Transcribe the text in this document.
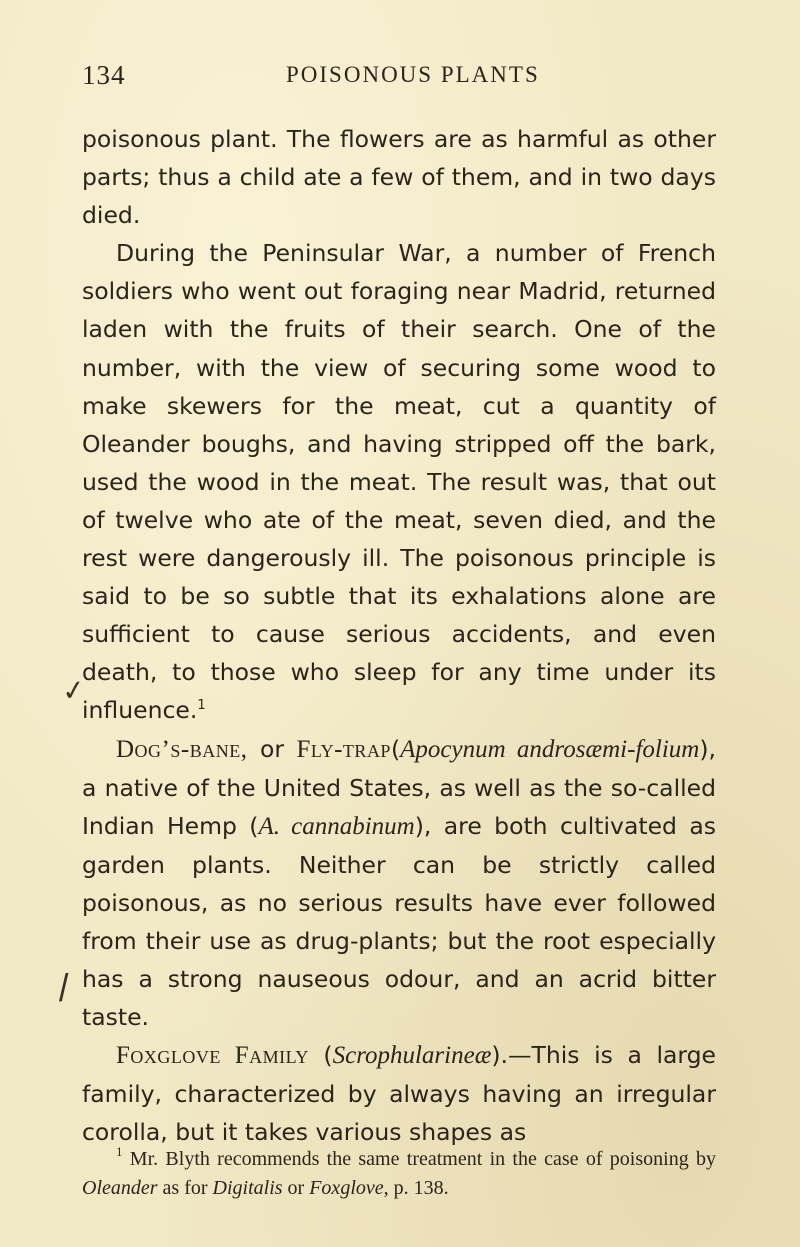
134	POISONOUS PLANTS

poisonous plant. The flowers are as harmful as other parts; thus a child ate a few of them, and in two days died.

During the Peninsular War, a number of French soldiers who went out foraging near Madrid, returned laden with the fruits of their search. One of the number, with the view of securing some wood to make skewers for the meat, cut a quantity of Oleander boughs, and having stripped off the bark, used the wood in the meat. The result was, that out of twelve who ate of the meat, seven died, and the rest were dangerously ill. The poisonous principle is said to be so subtle that its exhalations alone are sufficient to cause serious accidents, and even death, to those who sleep for any time under its influence.$^1$

Dog’s-bane, or Fly-trap(Apocynum androsæmi-folium), a native of the United States, as well as the so-called Indian Hemp (A. cannabinum), are both cultivated as garden plants. Neither can be strictly called poisonous, as no serious results have ever followed from their use as drug-plants; but the root especially has a strong nauseous odour, and an acrid bitter taste.

Foxglove Family (Scrophularineæ).—This is a large family, characterized by always having an irregular corolla, but it takes various shapes as

$^1$ Mr. Blyth recommends the same treatment in the case of poisoning by Oleander as for Digitalis or Foxglove, p. 138.

✓
/
